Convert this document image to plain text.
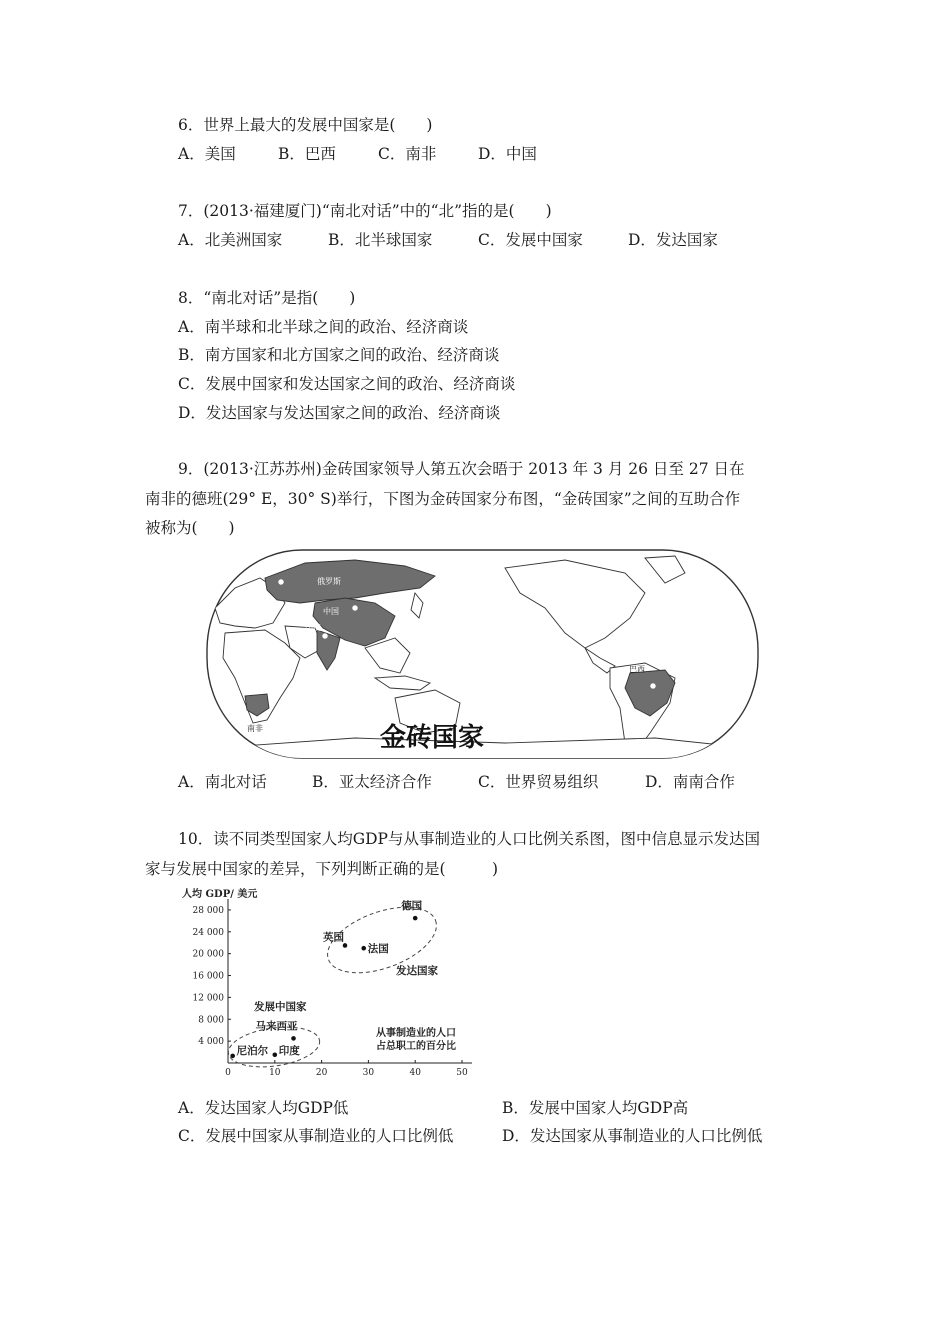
6．世界上最大的发展中国家是(　　)
A．美国	B．巴西	C．南非	D．中国
7．(2013·福建厦门)“南北对话”中的“北”指的是(　　)
A．北美洲国家	B．北半球国家	C．发展中国家	D．发达国家
8．“南北对话”是指(　　)
A．南半球和北半球之间的政治、经济商谈
B．南方国家和北方国家之间的政治、经济商谈
C．发展中国家和发达国家之间的政治、经济商谈
D．发达国家与发达国家之间的政治、经济商谈
9．(2013·江苏苏州)金砖国家领导人第五次会晤于 2013 年 3 月 26 日至 27 日在
南非的德班(29° E，30° S)举行，下图为金砖国家分布图，“金砖国家”之间的互助合作
被称为(　　)
俄罗斯
中国
印度
巴西
南非	金砖国家
A．南北对话	B．亚太经济合作	C．世界贸易组织	D．南南合作
10．读不同类型国家人均GDP与从事制造业的人口比例关系图，图中信息显示发达国
家与发展中国家的差异，下列判断正确的是(　　　)
人均 GDP/ 美元
4 000
8 000
12 000
16 000
20 000
24 000
28 000
0	10	20	30	40	50
发达国家
发展中国家
德国
英国
法国
马来西亚
尼泊尔 印度
从事制造业的人口
占总职工的百分比
A．发达国家人均GDP低	B．发展中国家人均GDP高
C．发展中国家从事制造业的人口比例低	D．发达国家从事制造业的人口比例低
